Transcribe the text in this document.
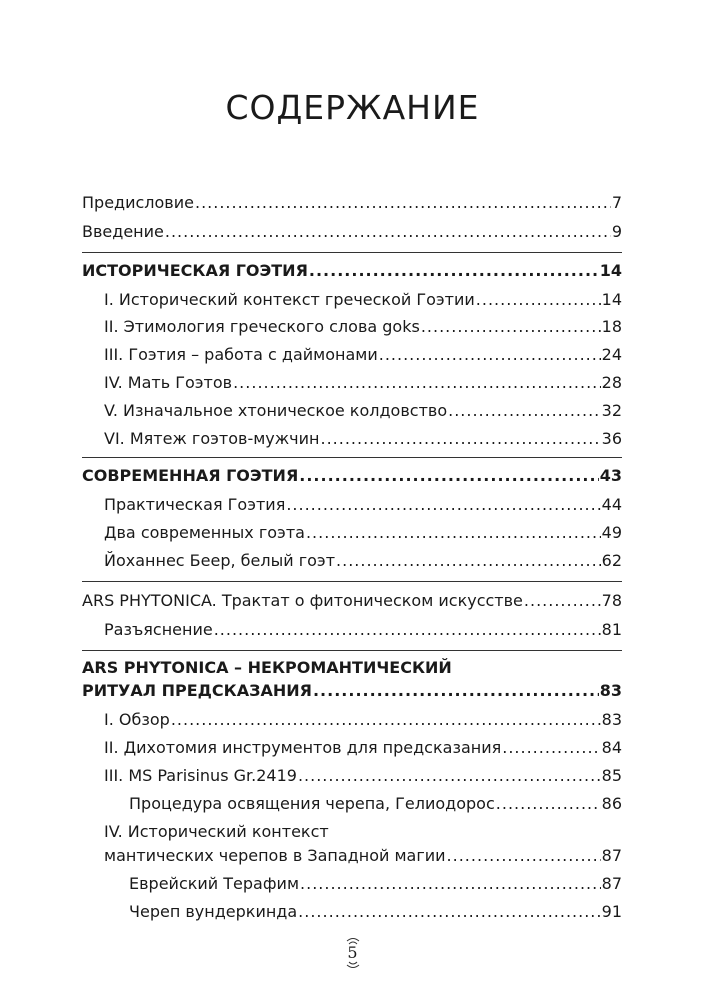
СОДЕРЖАНИЕ
Предисловие .....	7
Введение .....	9
ИСТОРИЧЕСКАЯ ГОЭТИЯ .....	14
I. Исторический контекст греческой Гоэтии .....	14
II. Этимология греческого слова goks .....	18
III. Гоэтия – работа с даймонами .....	24
IV. Мать Гоэтов .....	28
V. Изначальное хтоническое колдовство .....	32
VI. Мятеж гоэтов-мужчин .....	36
СОВРЕМЕННАЯ ГОЭТИЯ .....	43
Практическая Гоэтия .....	44
Два современных гоэта .....	49
Йоханнес Беер, белый гоэт .....	62
ARS PHYTONICA. Трактат о фитоническом искусстве .....	78
Разъяснение .....	81
ARS PHYTONICA – НЕКРОМАНТИЧЕСКИЙ
РИТУАЛ ПРЕДСКАЗАНИЯ .....	83
I. Обзор .....	83
II. Дихотомия инструментов для предсказания .....	84
III. MS Parisinus Gr.2419 .....	85
Процедура освящения черепа, Гелиодорос .....	86
IV. Исторический контекст
мантических черепов в Западной магии .....	87
Еврейский Терафим .....	87
Череп вундеркинда .....	91
5
